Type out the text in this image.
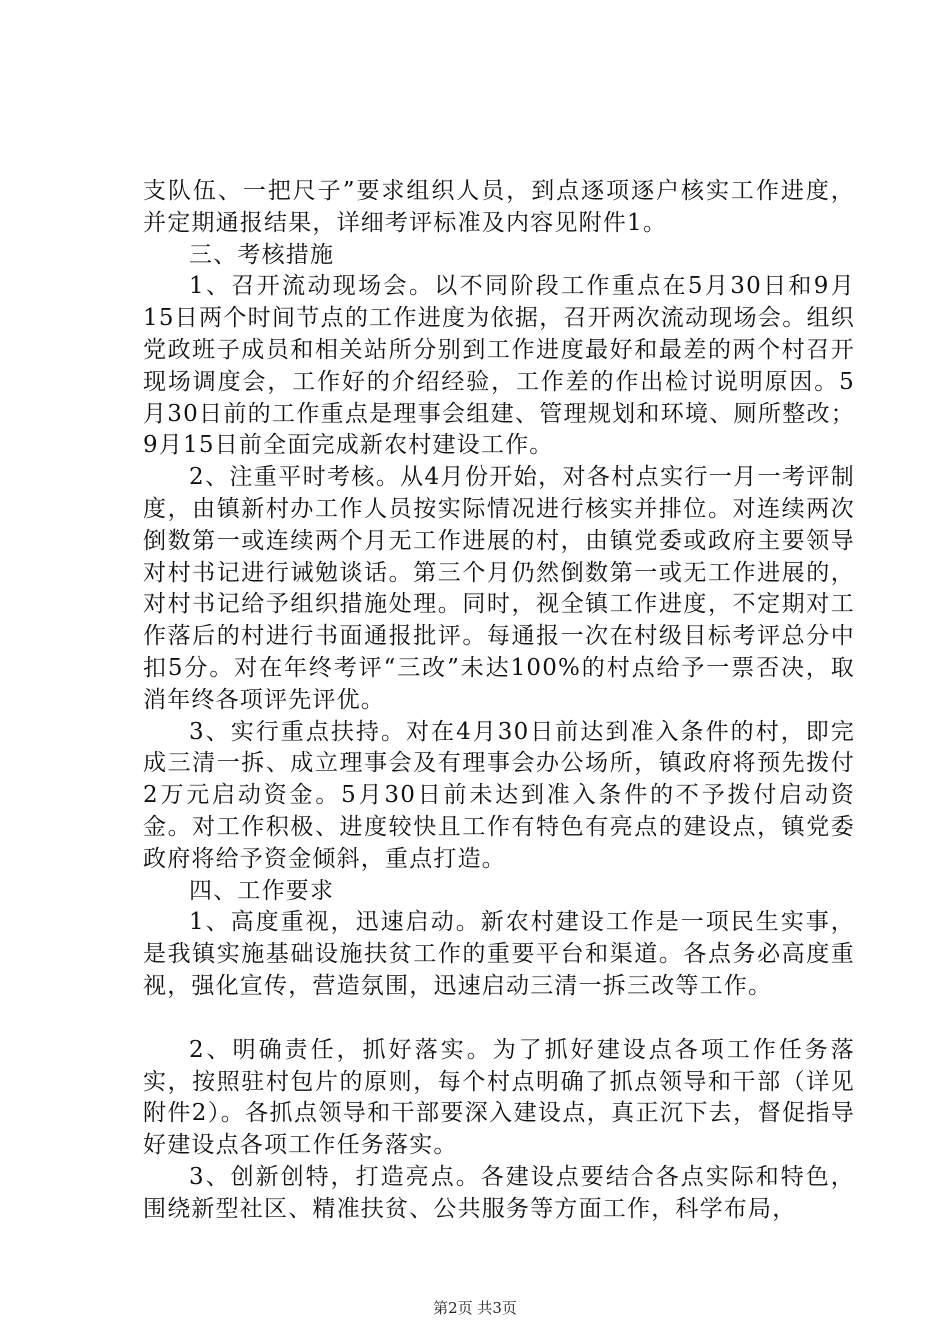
支队伍、一把尺子”要求组织人员，到点逐项逐户核实工作进度，并定期通报结果，详细考评标准及内容见附件1。

三、考核措施

1、召开流动现场会。以不同阶段工作重点在5月30日和9月15日两个时间节点的工作进度为依据，召开两次流动现场会。组织党政班子成员和相关站所分别到工作进度最好和最差的两个村召开现场调度会，工作好的介绍经验，工作差的作出检讨说明原因。5月30日前的工作重点是理事会组建、管理规划和环境、厕所整改；9月15日前全面完成新农村建设工作。

2、注重平时考核。从4月份开始，对各村点实行一月一考评制度，由镇新村办工作人员按实际情况进行核实并排位。对连续两次倒数第一或连续两个月无工作进展的村，由镇党委或政府主要领导对村书记进行诫勉谈话。第三个月仍然倒数第一或无工作进展的，对村书记给予组织措施处理。同时，视全镇工作进度，不定期对工作落后的村进行书面通报批评。每通报一次在村级目标考评总分中扣5分。对在年终考评“三改”未达100%的村点给予一票否决，取消年终各项评先评优。

3、实行重点扶持。对在4月30日前达到准入条件的村，即完成三清一拆、成立理事会及有理事会办公场所，镇政府将预先拨付2万元启动资金。5月30日前未达到准入条件的不予拨付启动资金。对工作积极、进度较快且工作有特色有亮点的建设点，镇党委政府将给予资金倾斜，重点打造。

四、工作要求

1、高度重视，迅速启动。新农村建设工作是一项民生实事，是我镇实施基础设施扶贫工作的重要平台和渠道。各点务必高度重视，强化宣传，营造氛围，迅速启动三清一拆三改等工作。

2、明确责任，抓好落实。为了抓好建设点各项工作任务落实，按照驻村包片的原则，每个村点明确了抓点领导和干部（详见附件2）。各抓点领导和干部要深入建设点，真正沉下去，督促指导好建设点各项工作任务落实。

3、创新创特，打造亮点。各建设点要结合各点实际和特色，围绕新型社区、精准扶贫、公共服务等方面工作，科学布局，

第2页 共3页
